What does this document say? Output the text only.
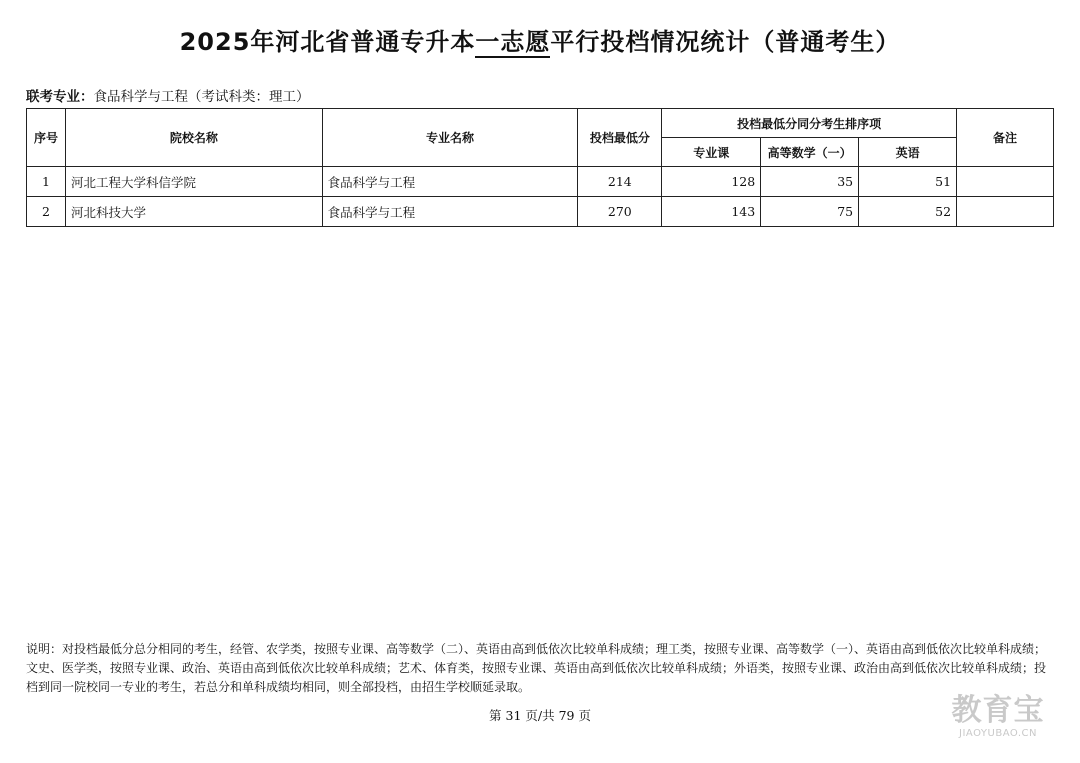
2025年河北省普通专升本一志愿平行投档情况统计（普通考生）
联考专业：食品科学与工程（考试科类：理工）
序号	院校名称	专业名称	投档最低分	投档最低分同分考生排序项			备注
				专业课	高等数学（一）	英语	
1	河北工程大学科信学院	食品科学与工程	214	128	35	51	
2	河北科技大学	食品科学与工程	270	143	75	52	
说明：对投档最低分总分相同的考生，经管、农学类，按照专业课、高等数学（二）、英语由高到低依次比较单科成绩；理工类，按照专业课、高等数学（一）、英语由高到低依次比较单科成绩；文史、医学类，按照专业课、政治、英语由高到低依次比较单科成绩；艺术、体育类，按照专业课、英语由高到低依次比较单科成绩；外语类，按照专业课、政治由高到低依次比较单科成绩；投档到同一院校同一专业的考生，若总分和单科成绩均相同，则全部投档，由招生学校顺延录取。
第 31 页/共 79 页	教育宝
JIAOYUBAO.CN
